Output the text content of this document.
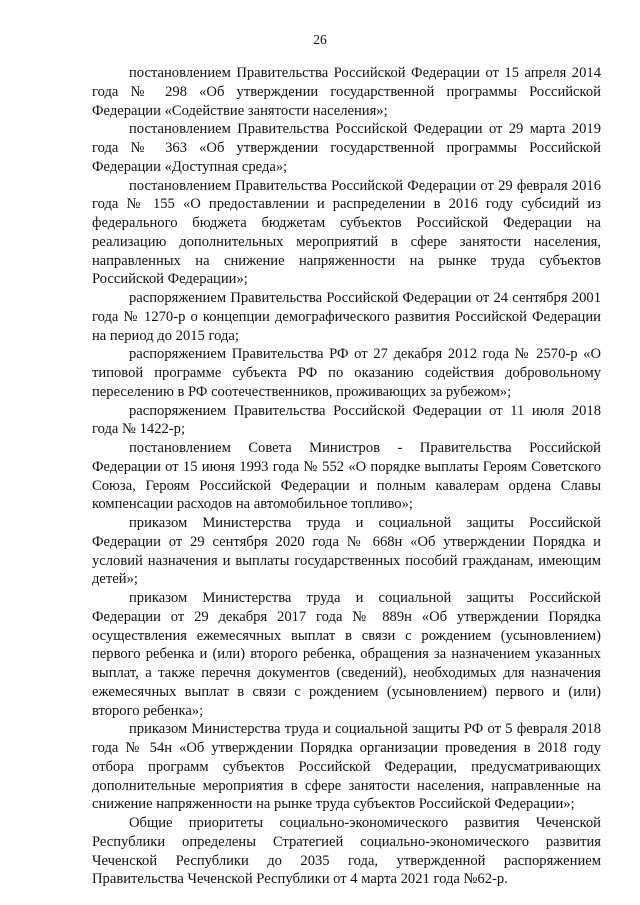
26

постановлением Правительства Российской Федерации от 15 апреля 2014 года № 298 «Об утверждении государственной программы Российской Федерации «Содействие занятости населения»;

постановлением Правительства Российской Федерации от 29 марта 2019 года № 363 «Об утверждении государственной программы Российской Федерации «Доступная среда»;

постановлением Правительства Российской Федерации от 29 февраля 2016 года № 155 «О предоставлении и распределении в 2016 году субсидий из федерального бюджета бюджетам субъектов Российской Федерации на реализацию дополнительных мероприятий в сфере занятости населения, направленных на снижение напряженности на рынке труда субъектов Российской Федерации»;

распоряжением Правительства Российской Федерации от 24 сентября 2001 года № 1270-р о концепции демографического развития Российской Федерации на период до 2015 года;

распоряжением Правительства РФ от 27 декабря 2012 года № 2570-р «О типовой программе субъекта РФ по оказанию содействия добровольному переселению в РФ соотечественников, проживающих за рубежом»;

распоряжением Правительства Российской Федерации от 11 июля 2018 года № 1422-р;

постановлением Совета Министров - Правительства Российской Федерации от 15 июня 1993 года № 552 «О порядке выплаты Героям Советского Союза, Героям Российской Федерации и полным кавалерам ордена Славы компенсации расходов на автомобильное топливо»;

приказом Министерства труда и социальной защиты Российской Федерации от 29 сентября 2020 года № 668н «Об утверждении Порядка и условий назначения и выплаты государственных пособий гражданам, имеющим детей»;

приказом Министерства труда и социальной защиты Российской Федерации от 29 декабря 2017 года № 889н «Об утверждении Порядка осуществления ежемесячных выплат в связи с рождением (усыновлением) первого ребенка и (или) второго ребенка, обращения за назначением указанных выплат, а также перечня документов (сведений), необходимых для назначения ежемесячных выплат в связи с рождением (усыновлением) первого и (или) второго ребенка»;

приказом Министерства труда и социальной защиты РФ от 5 февраля 2018 года № 54н «Об утверждении Порядка организации проведения в 2018 году отбора программ субъектов Российской Федерации, предусматривающих дополнительные мероприятия в сфере занятости населения, направленные на снижение напряженности на рынке труда субъектов Российской Федерации»;

Общие приоритеты социально-экономического развития Чеченской Республики определены Стратегией социально-экономического развития Чеченской Республики до 2035 года, утвержденной распоряжением Правительства Чеченской Республики от 4 марта 2021 года №62-р.
